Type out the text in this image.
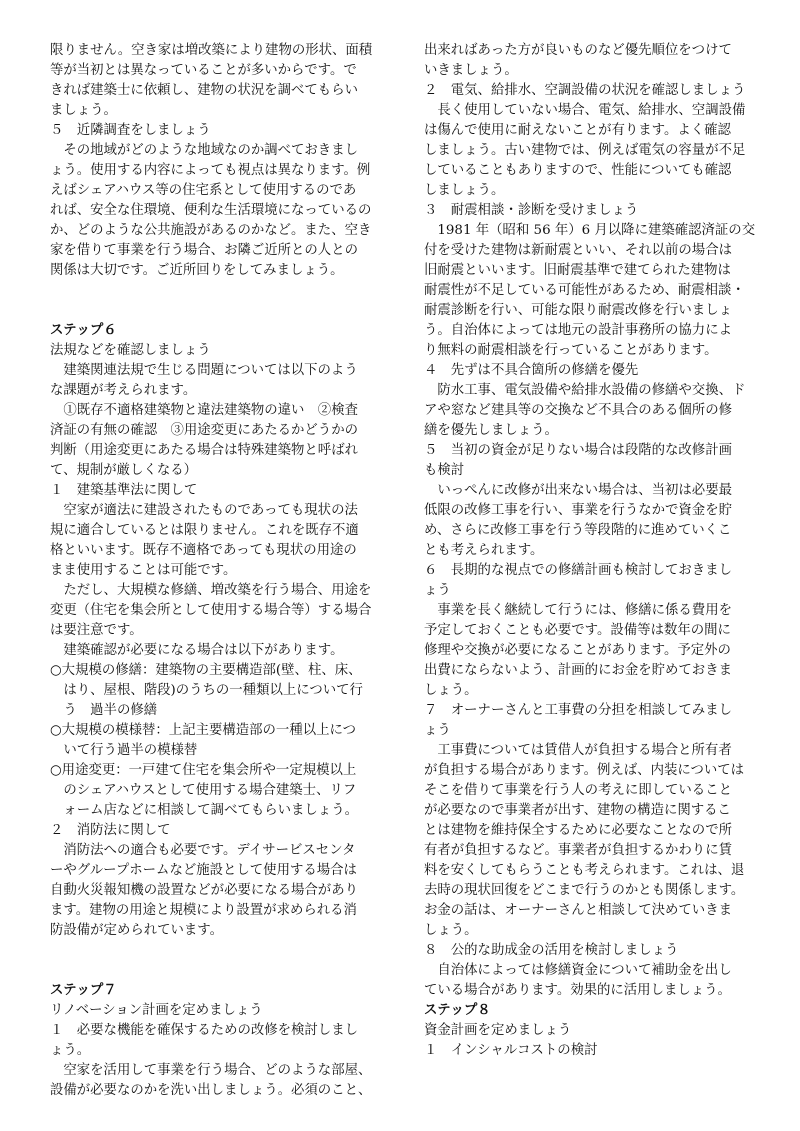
限りません。空き家は増改築により建物の形状、面積
等が当初とは異なっていることが多いからです。で
きれば建築士に依頼し、建物の状況を調べてもらい
ましょう。
５　近隣調査をしましょう
　その地域がどのような地域なのか調べておきまし
ょう。使用する内容によっても視点は異なります。例
えばシェアハウス等の住宅系として使用するのであ
れば、安全な住環境、便利な生活環境になっているの
か、どのような公共施設があるのかなど。また、空き
家を借りて事業を行う場合、お隣ご近所との人との
関係は大切です。ご近所回りをしてみましょう。
ステップ６
法規などを確認しましょう
　建築関連法規で生じる問題については以下のよう
な課題が考えられます。
　①既存不適格建築物と違法建築物の違い　②検査
済証の有無の確認　③用途変更にあたるかどうかの
判断（用途変更にあたる場合は特殊建築物と呼ばれ
て、規制が厳しくなる）
１　建築基準法に関して
　空家が適法に建設されたものであっても現状の法
規に適合しているとは限りません。これを既存不適
格といいます。既存不適格であっても現状の用途の
まま使用することは可能です。
　ただし、大規模な修繕、増改築を行う場合、用途を
変更（住宅を集会所として使用する場合等）する場合
は要注意です。
　建築確認が必要になる場合は以下があります。
○大規模の修繕：建築物の主要構造部(壁、柱、床、
　はり、屋根、階段)のうちの一種類以上について行
　う　過半の修繕
○大規模の模様替：上記主要構造部の一種以上につ
　いて行う過半の模様替
○用途変更：一戸建て住宅を集会所や一定規模以上
　のシェアハウスとして使用する場合建築士、リフ
　ォーム店などに相談して調べてもらいましょう。
２　消防法に関して
　消防法への適合も必要です。デイサービスセンタ
ーやグループホームなど施設として使用する場合は
自動火災報知機の設置などが必要になる場合があり
ます。建物の用途と規模により設置が求められる消
防設備が定められています。
ステップ７
リノベーション計画を定めましょう
１　必要な機能を確保するための改修を検討しまし
ょう。
　空家を活用して事業を行う場合、どのような部屋、
設備が必要なのかを洗い出しましょう。必須のこと、
出来ればあった方が良いものなど優先順位をつけて
いきましょう。
２　電気、給排水、空調設備の状況を確認しましょう
　長く使用していない場合、電気、給排水、空調設備
は傷んで使用に耐えないことが有ります。よく確認
しましょう。古い建物では、例えば電気の容量が不足
していることもありますので、性能についても確認
しましょう。
３　耐震相談・診断を受けましょう
　1981 年（昭和 56 年）6 月以降に建築確認済証の交
付を受けた建物は新耐震といい、それ以前の場合は
旧耐震といいます。旧耐震基準で建てられた建物は
耐震性が不足している可能性があるため、耐震相談・
耐震診断を行い、可能な限り耐震改修を行いましょ
う。自治体によっては地元の設計事務所の協力によ
り無料の耐震相談を行っていることがあります。
４　先ずは不具合箇所の修繕を優先
　防水工事、電気設備や給排水設備の修繕や交換、ド
アや窓など建具等の交換など不具合のある個所の修
繕を優先しましょう。
５　当初の資金が足りない場合は段階的な改修計画
も検討
　いっぺんに改修が出来ない場合は、当初は必要最
低限の改修工事を行い、事業を行うなかで資金を貯
め、さらに改修工事を行う等段階的に進めていくこ
とも考えられます。
６　長期的な視点での修繕計画も検討しておきまし
ょう
　事業を長く継続して行うには、修繕に係る費用を
予定しておくことも必要です。設備等は数年の間に
修理や交換が必要になることがあります。予定外の
出費にならないよう、計画的にお金を貯めておきま
しょう。
７　オーナーさんと工事費の分担を相談してみまし
ょう
　工事費については賃借人が負担する場合と所有者
が負担する場合があります。例えば、内装については
そこを借りて事業を行う人の考えに即していること
が必要なので事業者が出す、建物の構造に関するこ
とは建物を維持保全するために必要なことなので所
有者が負担するなど。事業者が負担するかわりに賃
料を安くしてもらうことも考えられます。これは、退
去時の現状回復をどこまで行うのかとも関係します。
お金の話は、オーナーさんと相談して決めていきま
しょう。
８　公的な助成金の活用を検討しましょう
　自治体によっては修繕資金について補助金を出し
ている場合があります。効果的に活用しましょう。
ステップ８
資金計画を定めましょう
１　インシャルコストの検討
